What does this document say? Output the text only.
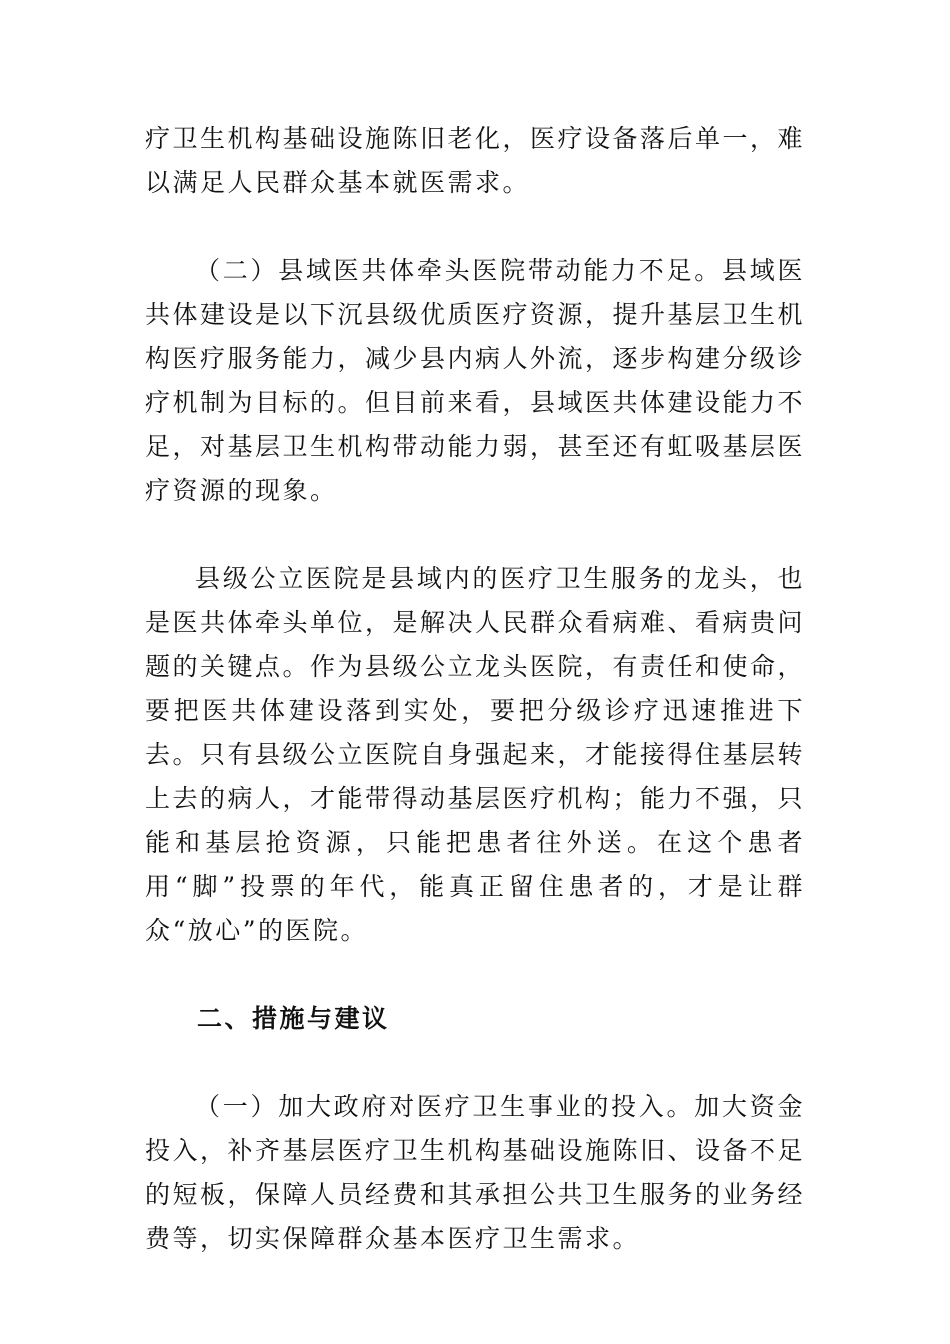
疗卫生机构基础设施陈旧老化，医疗设备落后单一，难以满足人民群众基本就医需求。

（二）县域医共体牵头医院带动能力不足。县域医共体建设是以下沉县级优质医疗资源，提升基层卫生机构医疗服务能力，减少县内病人外流，逐步构建分级诊疗机制为目标的。但目前来看，县域医共体建设能力不足，对基层卫生机构带动能力弱，甚至还有虹吸基层医疗资源的现象。

县级公立医院是县域内的医疗卫生服务的龙头，也是医共体牵头单位，是解决人民群众看病难、看病贵问题的关键点。作为县级公立龙头医院，有责任和使命，要把医共体建设落到实处，要把分级诊疗迅速推进下去。只有县级公立医院自身强起来，才能接得住基层转上去的病人，才能带得动基层医疗机构；能力不强，只能和基层抢资源，只能把患者往外送。在这个患者用“脚”投票的年代，能真正留住患者的，才是让群众“放心”的医院。

二、措施与建议

（一）加大政府对医疗卫生事业的投入。加大资金投入，补齐基层医疗卫生机构基础设施陈旧、设备不足的短板，保障人员经费和其承担公共卫生服务的业务经费等，切实保障群众基本医疗卫生需求。
